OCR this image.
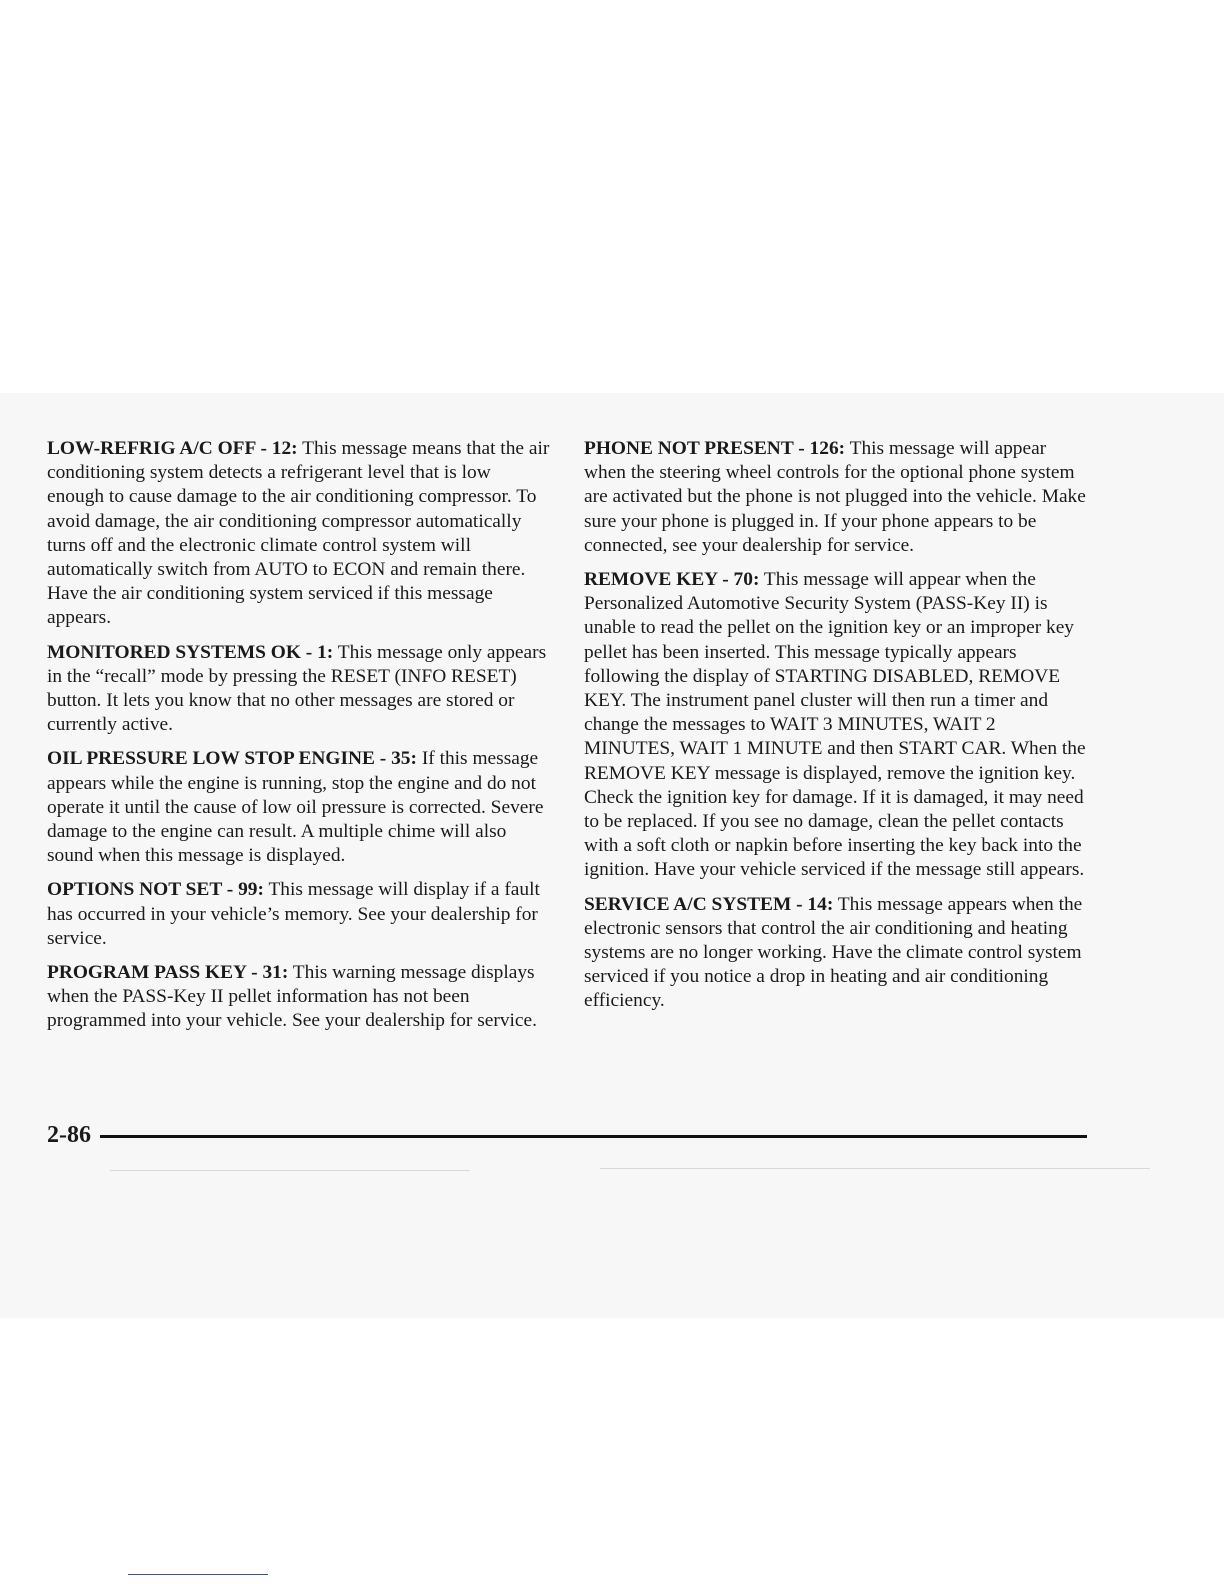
LOW-REFRIG A/C OFF - 12: This message means that the air conditioning system detects a refrigerant level that is low enough to cause damage to the air conditioning compressor. To avoid damage, the air conditioning compressor automatically turns off and the electronic climate control system will automatically switch from AUTO to ECON and remain there.
Have the air conditioning system serviced if this message appears.

MONITORED SYSTEMS OK - 1: This message only appears in the “recall” mode by pressing the RESET (INFO RESET) button. It lets you know that no other messages are stored or currently active.

OIL PRESSURE LOW STOP ENGINE - 35: If this message appears while the engine is running, stop the engine and do not operate it until the cause of low oil pressure is corrected. Severe damage to the engine can result. A multiple chime will also sound when this message is displayed.

OPTIONS NOT SET - 99: This message will display if a fault has occurred in your vehicle’s memory. See your dealership for service.

PROGRAM PASS KEY - 31: This warning message displays when the PASS-Key II pellet information has not been programmed into your vehicle. See your dealership for service.

PHONE NOT PRESENT - 126: This message will appear when the steering wheel controls for the optional phone system are activated but the phone is not plugged into the vehicle. Make sure your phone is plugged in. If your phone appears to be connected, see your dealership for service.

REMOVE KEY - 70: This message will appear when the Personalized Automotive Security System (PASS-Key II) is unable to read the pellet on the ignition key or an improper key pellet has been inserted. This message typically appears following the display of STARTING DISABLED, REMOVE KEY. The instrument panel cluster will then run a timer and change the messages to WAIT 3 MINUTES, WAIT 2 MINUTES, WAIT 1 MINUTE and then START CAR. When the REMOVE KEY message is displayed, remove the ignition key. Check the ignition key for damage. If it is damaged, it may need to be replaced. If you see no damage, clean the pellet contacts with a soft cloth or napkin before inserting the key back into the ignition. Have your vehicle serviced if the message still appears.

SERVICE A/C SYSTEM - 14: This message appears when the electronic sensors that control the air conditioning and heating systems are no longer working. Have the climate control system serviced if you notice a drop in heating and air conditioning efficiency.

2-86
